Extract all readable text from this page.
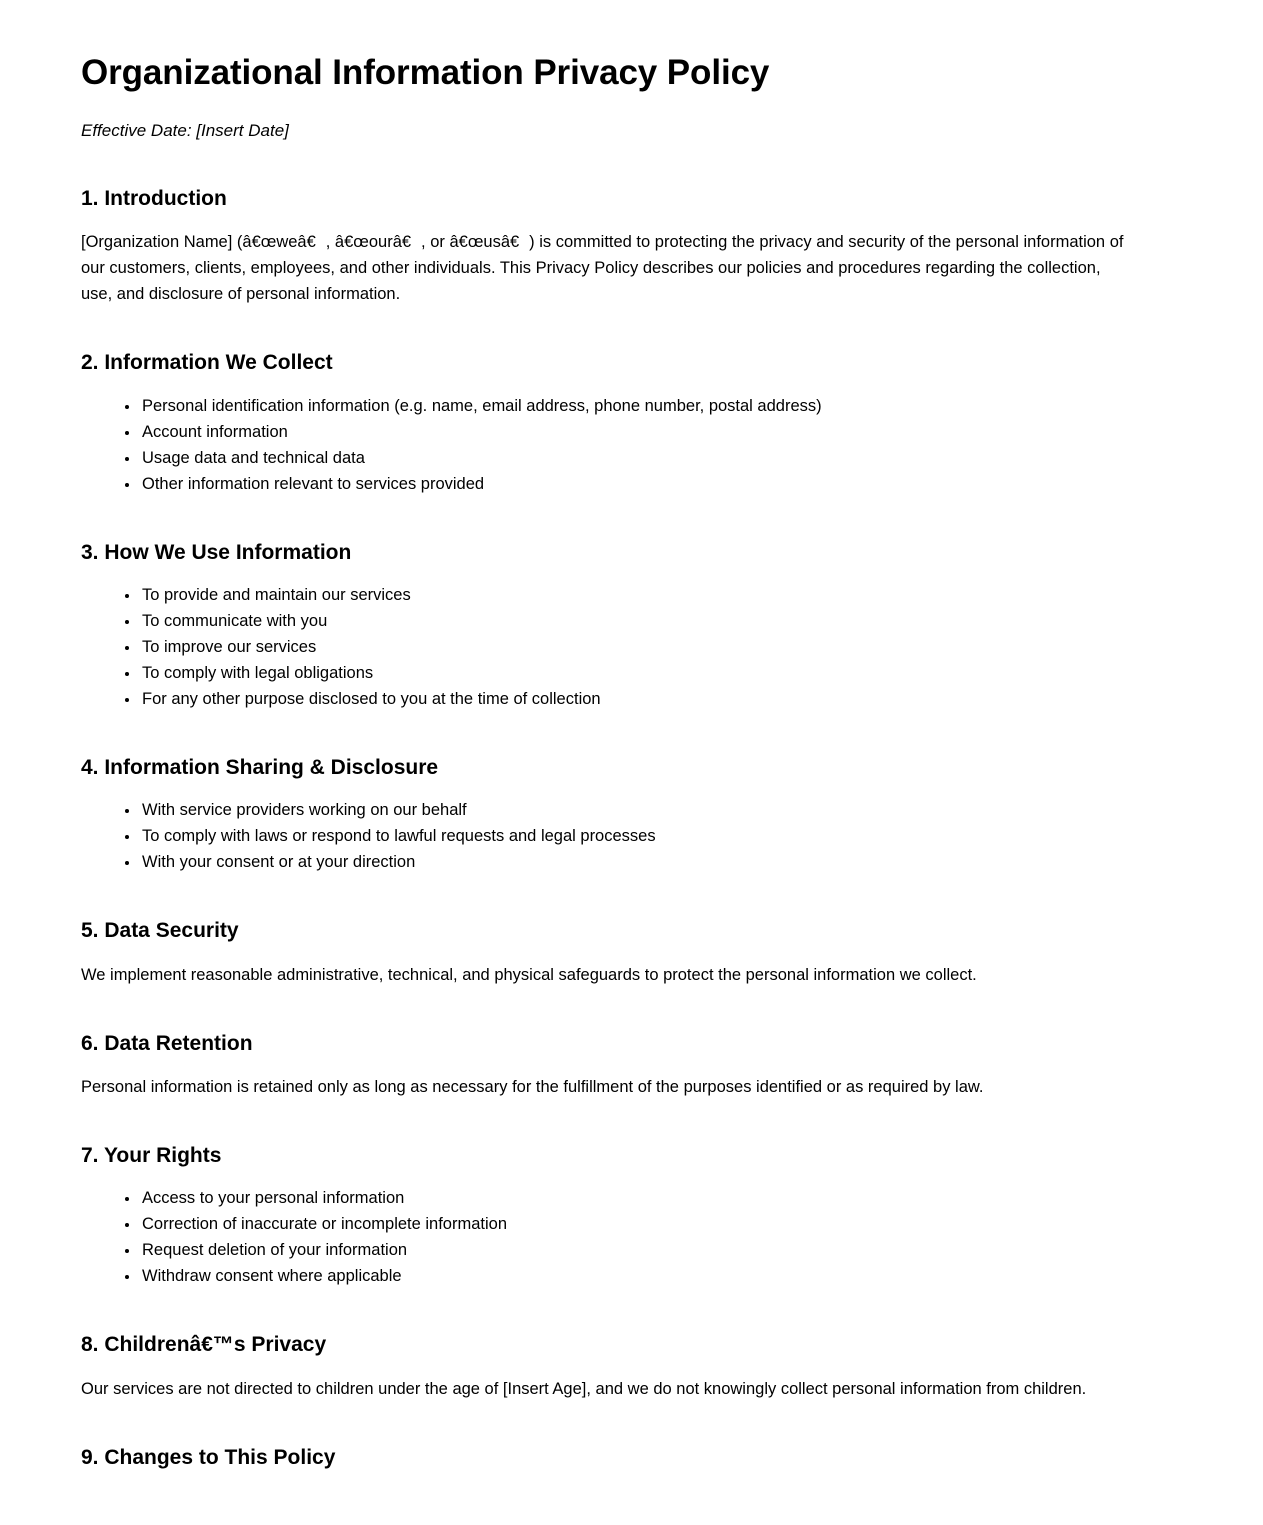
Organizational Information Privacy Policy

Effective Date: [Insert Date]

1. Introduction

[Organization Name] (â€œweâ€, â€œourâ€, or â€œusâ€) is committed to protecting the privacy and security of the personal information of our customers, clients, employees, and other individuals. This Privacy Policy describes our policies and procedures regarding the collection, use, and disclosure of personal information.

2. Information We Collect
• Personal identification information (e.g. name, email address, phone number, postal address)
• Account information
• Usage data and technical data
• Other information relevant to services provided
3. How We Use Information
• To provide and maintain our services
• To communicate with you
• To improve our services
• To comply with legal obligations
• For any other purpose disclosed to you at the time of collection
4. Information Sharing & Disclosure
• With service providers working on our behalf
• To comply with laws or respond to lawful requests and legal processes
• With your consent or at your direction
5. Data Security

We implement reasonable administrative, technical, and physical safeguards to protect the personal information we collect.

6. Data Retention

Personal information is retained only as long as necessary for the fulfillment of the purposes identified or as required by law.

7. Your Rights
• Access to your personal information
• Correction of inaccurate or incomplete information
• Request deletion of your information
• Withdraw consent where applicable
8. Childrenâ€™s Privacy

Our services are not directed to children under the age of [Insert Age], and we do not knowingly collect personal information from children.

9. Changes to This Policy
